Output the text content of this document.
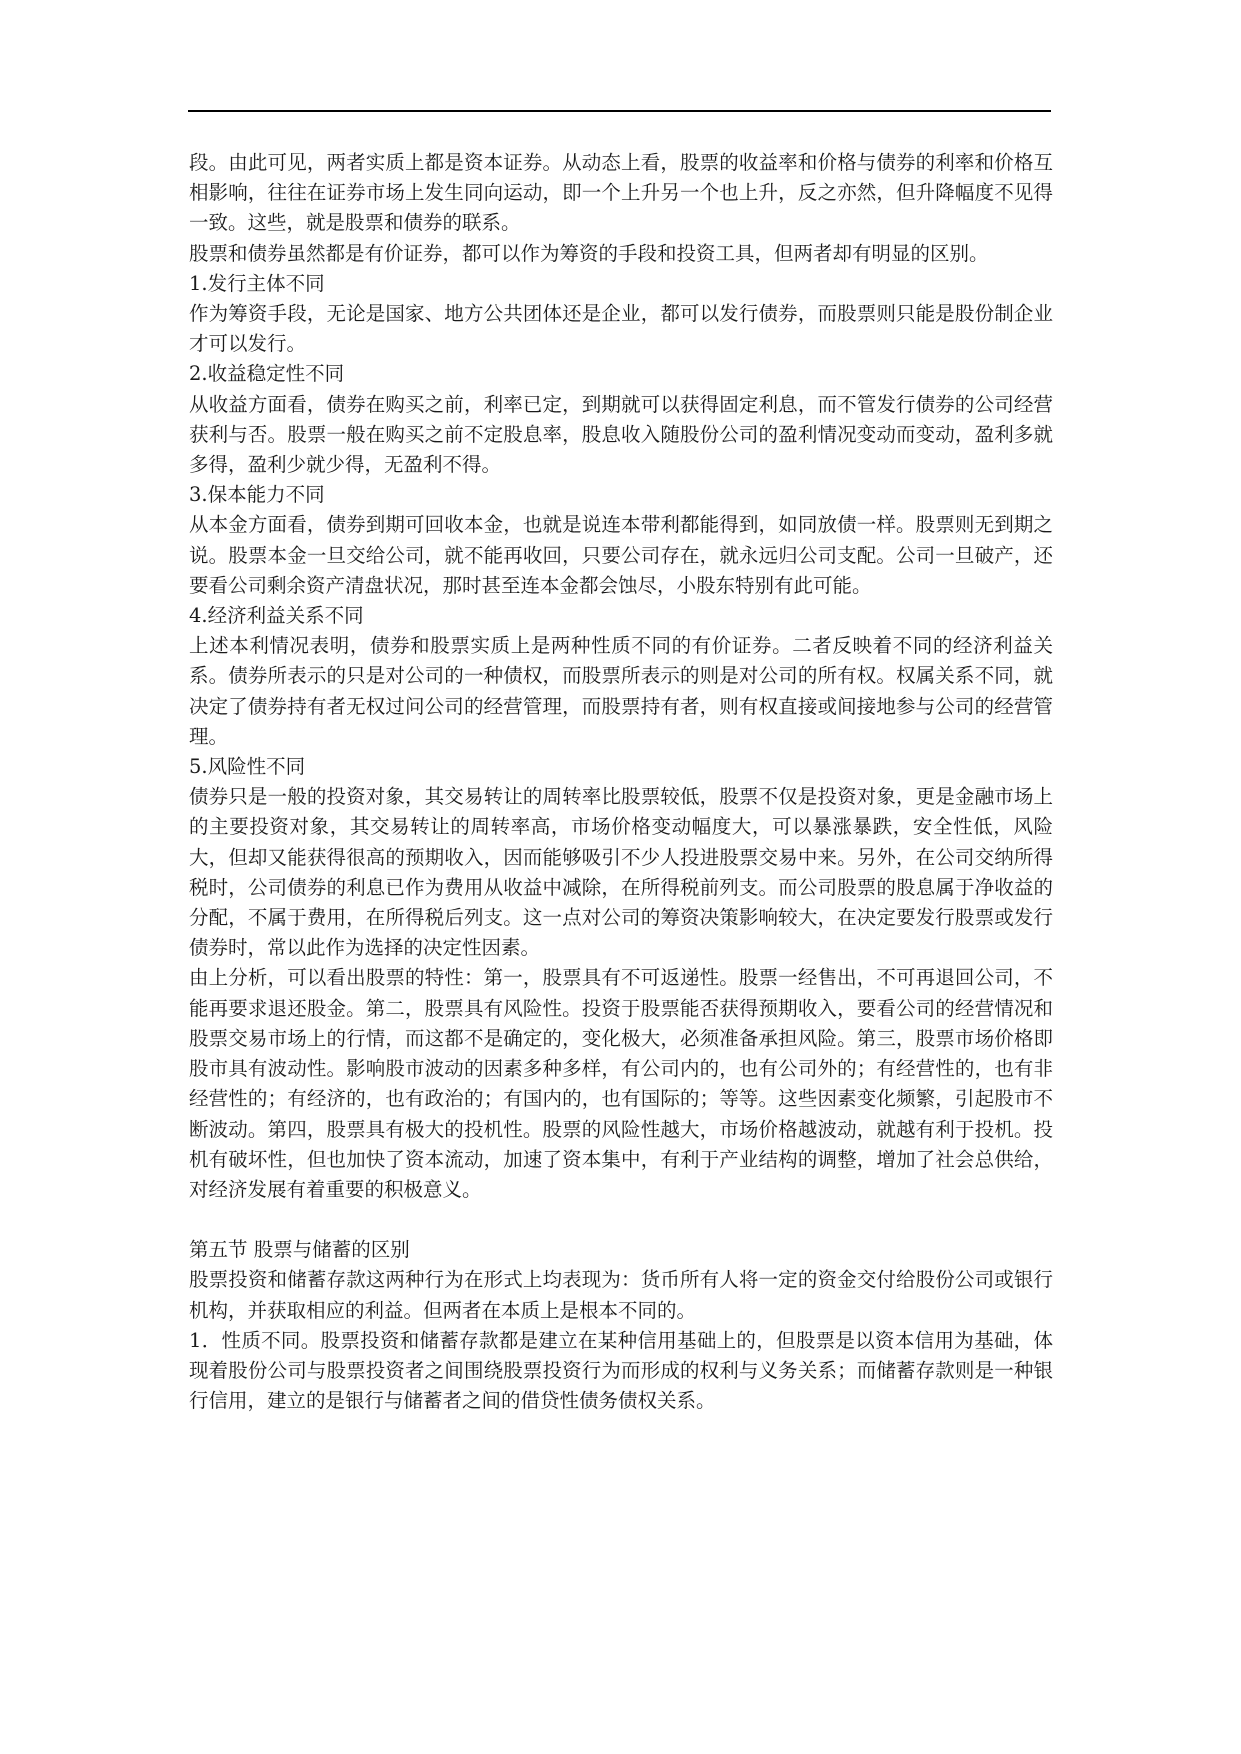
段。由此可见，两者实质上都是资本证券。从动态上看，股票的收益率和价格与债券的利率和价格互相影响，往往在证券市场上发生同向运动，即一个上升另一个也上升，反之亦然，但升降幅度不见得一致。这些，就是股票和债券的联系。

股票和债券虽然都是有价证券，都可以作为筹资的手段和投资工具，但两者却有明显的区别。

1.发行主体不同

作为筹资手段，无论是国家、地方公共团体还是企业，都可以发行债券，而股票则只能是股份制企业才可以发行。

2.收益稳定性不同

从收益方面看，债券在购买之前，利率已定，到期就可以获得固定利息，而不管发行债券的公司经营获利与否。股票一般在购买之前不定股息率，股息收入随股份公司的盈利情况变动而变动，盈利多就多得，盈利少就少得，无盈利不得。

3.保本能力不同

从本金方面看，债券到期可回收本金，也就是说连本带利都能得到，如同放债一样。股票则无到期之说。股票本金一旦交给公司，就不能再收回，只要公司存在，就永远归公司支配。公司一旦破产，还要看公司剩余资产清盘状况，那时甚至连本金都会蚀尽，小股东特别有此可能。

4.经济利益关系不同

上述本利情况表明，债券和股票实质上是两种性质不同的有价证券。二者反映着不同的经济利益关系。债券所表示的只是对公司的一种债权，而股票所表示的则是对公司的所有权。权属关系不同，就决定了债券持有者无权过问公司的经营管理，而股票持有者，则有权直接或间接地参与公司的经营管理。

5.风险性不同

债券只是一般的投资对象，其交易转让的周转率比股票较低，股票不仅是投资对象，更是金融市场上的主要投资对象，其交易转让的周转率高，市场价格变动幅度大，可以暴涨暴跌，安全性低，风险大，但却又能获得很高的预期收入，因而能够吸引不少人投进股票交易中来。另外，在公司交纳所得税时，公司债券的利息已作为费用从收益中减除，在所得税前列支。而公司股票的股息属于净收益的分配，不属于费用，在所得税后列支。这一点对公司的筹资决策影响较大，在决定要发行股票或发行债券时，常以此作为选择的决定性因素。

由上分析，可以看出股票的特性：第一，股票具有不可返递性。股票一经售出，不可再退回公司，不能再要求退还股金。第二，股票具有风险性。投资于股票能否获得预期收入，要看公司的经营情况和股票交易市场上的行情，而这都不是确定的，变化极大，必须准备承担风险。第三，股票市场价格即股市具有波动性。影响股市波动的因素多种多样，有公司内的，也有公司外的；有经营性的，也有非经营性的；有经济的，也有政治的；有国内的，也有国际的；等等。这些因素变化频繁，引起股市不断波动。第四，股票具有极大的投机性。股票的风险性越大，市场价格越波动，就越有利于投机。投机有破坏性，但也加快了资本流动，加速了资本集中，有利于产业结构的调整，增加了社会总供给，对经济发展有着重要的积极意义。

第五节 股票与储蓄的区别

股票投资和储蓄存款这两种行为在形式上均表现为：货币所有人将一定的资金交付给股份公司或银行机构，并获取相应的利益。但两者在本质上是根本不同的。

1．性质不同。股票投资和储蓄存款都是建立在某种信用基础上的，但股票是以资本信用为基础，体现着股份公司与股票投资者之间围绕股票投资行为而形成的权利与义务关系；而储蓄存款则是一种银行信用，建立的是银行与储蓄者之间的借贷性债务债权关系。
